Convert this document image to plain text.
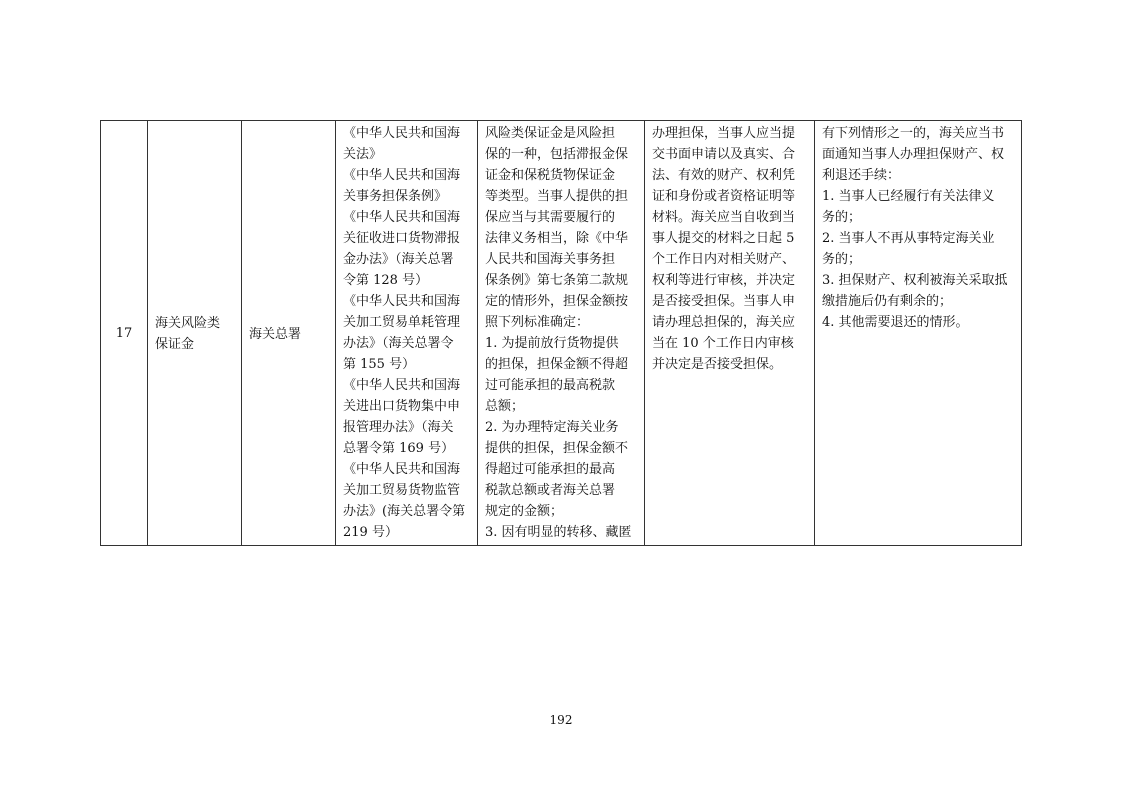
17	
海关风险类
保证金

海关总署

《中华人民共和国海
关法》
《中华人民共和国海
关事务担保条例》
《中华人民共和国海
关征收进口货物滞报
金办法》（海关总署
令第 128 号）
《中华人民共和国海
关加工贸易单耗管理
办法》（海关总署令
第 155 号）
《中华人民共和国海
关进出口货物集中申
报管理办法》（海关
总署令第 169 号）
《中华人民共和国海
关加工贸易货物监管
办法》(海关总署令第
219 号）

风险类保证金是风险担
保的一种，包括滞报金保
证金和保税货物保证金
等类型。当事人提供的担
保应当与其需要履行的
法律义务相当，除《中华
人民共和国海关事务担
保条例》第七条第二款规
定的情形外，担保金额按
照下列标准确定：
1. 为提前放行货物提供
的担保，担保金额不得超
过可能承担的最高税款
总额；
2. 为办理特定海关业务
提供的担保，担保金额不
得超过可能承担的最高
税款总额或者海关总署
规定的金额；
3. 因有明显的转移、藏匿

办理担保，当事人应当提
交书面申请以及真实、合
法、有效的财产、权利凭
证和身份或者资格证明等
材料。海关应当自收到当
事人提交的材料之日起 5
个工作日内对相关财产、
权利等进行审核，并决定
是否接受担保。当事人申
请办理总担保的，海关应
当在 10 个工作日内审核
并决定是否接受担保。

有下列情形之一的，海关应当书
面通知当事人办理担保财产、权
利退还手续：
1. 当事人已经履行有关法律义
务的；
2. 当事人不再从事特定海关业
务的；
3. 担保财产、权利被海关采取抵
缴措施后仍有剩余的；
4. 其他需要退还的情形。
192
